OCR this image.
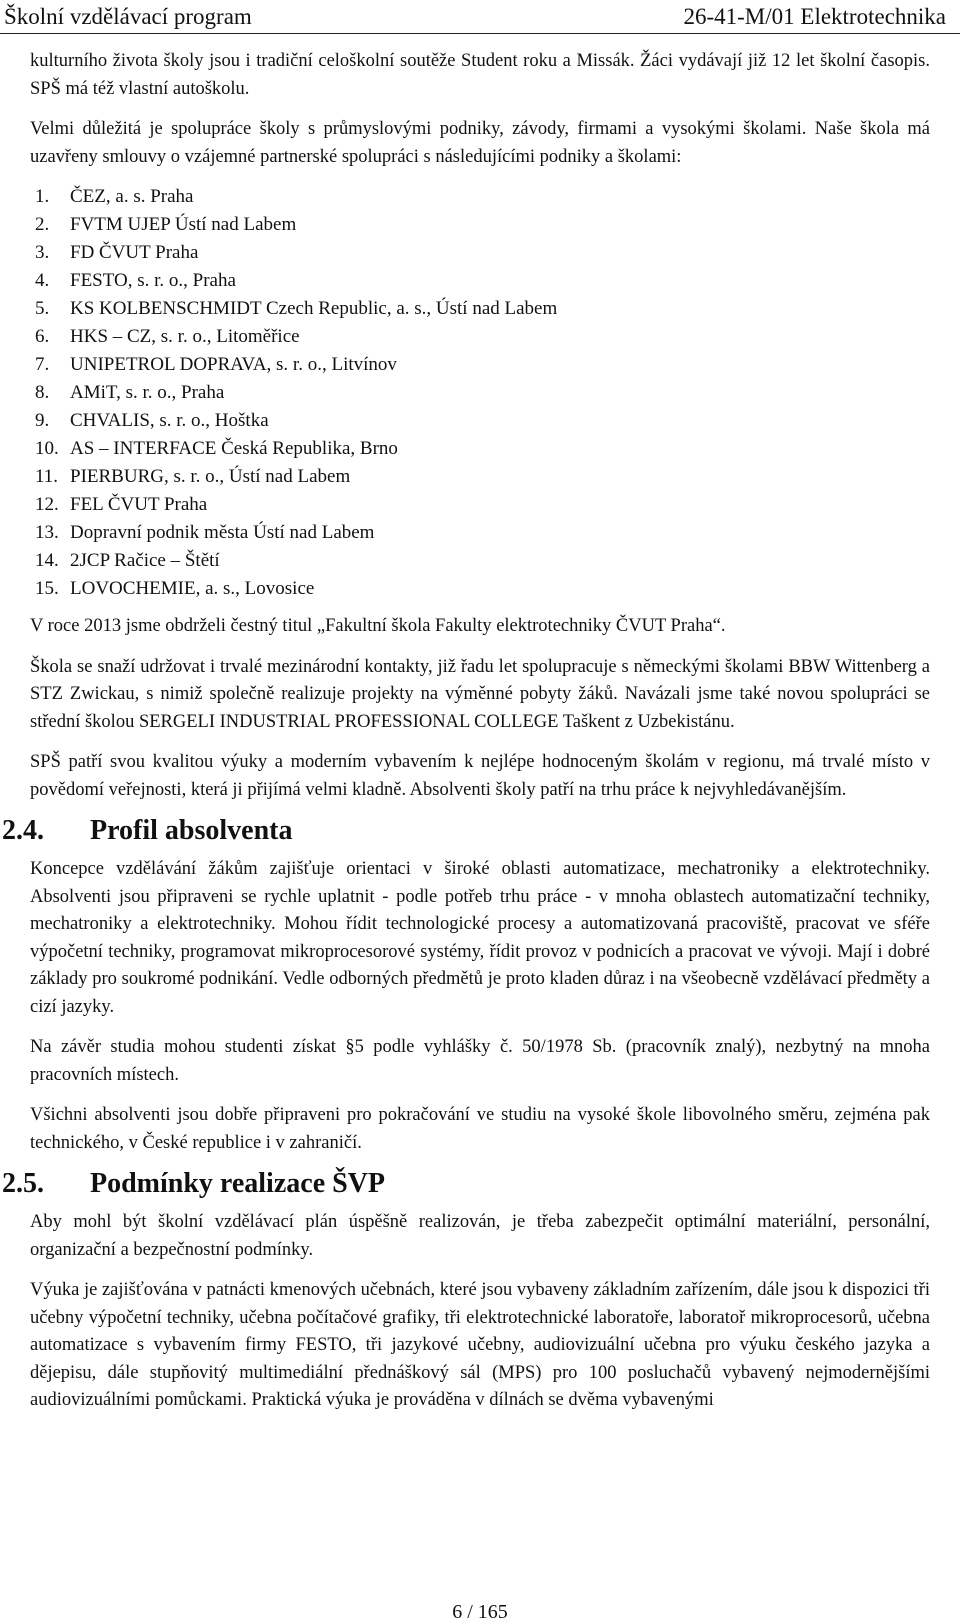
Školní vzdělávací program	26-41-M/01 Elektrotechnika

kulturního života školy jsou i tradiční celoškolní soutěže Student roku a Missák. Žáci vydávají již 12 let školní časopis. SPŠ má též vlastní autoškolu.

Velmi důležitá je spolupráce školy s průmyslovými podniky, závody, firmami a vysokými školami. Naše škola má uzavřeny smlouvy o vzájemné partnerské spolupráci s následujícími podniky a školami:

1. ČEZ, a. s. Praha
2. FVTM UJEP Ústí nad Labem
3. FD ČVUT Praha
4. FESTO, s. r. o., Praha
5. KS KOLBENSCHMIDT Czech Republic, a. s., Ústí nad Labem
6. HKS – CZ, s. r. o., Litoměřice
7. UNIPETROL DOPRAVA, s. r. o., Litvínov
8. AMiT, s. r. o., Praha
9. CHVALIS, s. r. o., Hoštka
10. AS – INTERFACE Česká Republika, Brno
11. PIERBURG, s. r. o., Ústí nad Labem
12. FEL ČVUT Praha
13. Dopravní podnik města Ústí nad Labem
14. 2JCP Račice – Štětí
15. LOVOCHEMIE, a. s., Lovosice

V roce 2013 jsme obdrželi čestný titul „Fakultní škola Fakulty elektrotechniky ČVUT Praha“.

Škola se snaží udržovat i trvalé mezinárodní kontakty, již řadu let spolupracuje s německými školami BBW Wittenberg a STZ Zwickau, s nimiž společně realizuje projekty na výměnné pobyty žáků. Navázali jsme také novou spolupráci se střední školou SERGELI INDUSTRIAL PROFESSIONAL COLLEGE Taškent z Uzbekistánu.

SPŠ patří svou kvalitou výuky a moderním vybavením k nejlépe hodnoceným školám v regionu, má trvalé místo v povědomí veřejnosti, která ji přijímá velmi kladně. Absolventi školy patří na trhu práce k nejvyhledávanějším.

2.4.	Profil absolventa

Koncepce vzdělávání žákům zajišťuje orientaci v široké oblasti automatizace, mechatroniky a elektrotechniky. Absolventi jsou připraveni se rychle uplatnit - podle potřeb trhu práce - v mnoha oblastech automatizační techniky, mechatroniky a elektrotechniky. Mohou řídit technologické procesy a automatizovaná pracoviště, pracovat ve sféře výpočetní techniky, programovat mikroprocesorové systémy, řídit provoz v podnicích a pracovat ve vývoji. Mají i dobré základy pro soukromé podnikání. Vedle odborných předmětů je proto kladen důraz i na všeobecně vzdělávací předměty a cizí jazyky.

Na závěr studia mohou studenti získat §5 podle vyhlášky č. 50/1978 Sb. (pracovník znalý), nezbytný na mnoha pracovních místech.

Všichni absolventi jsou dobře připraveni pro pokračování ve studiu na vysoké škole libovolného směru, zejména pak technického, v České republice i v zahraničí.

2.5.	Podmínky realizace ŠVP

Aby mohl být školní vzdělávací plán úspěšně realizován, je třeba zabezpečit optimální materiální, personální, organizační a bezpečnostní podmínky.

Výuka je zajišťována v patnácti kmenových učebnách, které jsou vybaveny základním zařízením, dále jsou k dispozici tři učebny výpočetní techniky, učebna počítačové grafiky, tři elektrotechnické laboratoře, laboratoř mikroprocesorů, učebna automatizace s vybavením firmy FESTO, tři jazykové učebny, audiovizuální učebna pro výuku českého jazyka a dějepisu, dále stupňovitý multimediální přednáškový sál (MPS) pro 100 posluchačů vybavený nejmodernějšími audiovizuálními pomůckami. Praktická výuka je prováděna v dílnách se dvěma vybavenými

6 / 165
